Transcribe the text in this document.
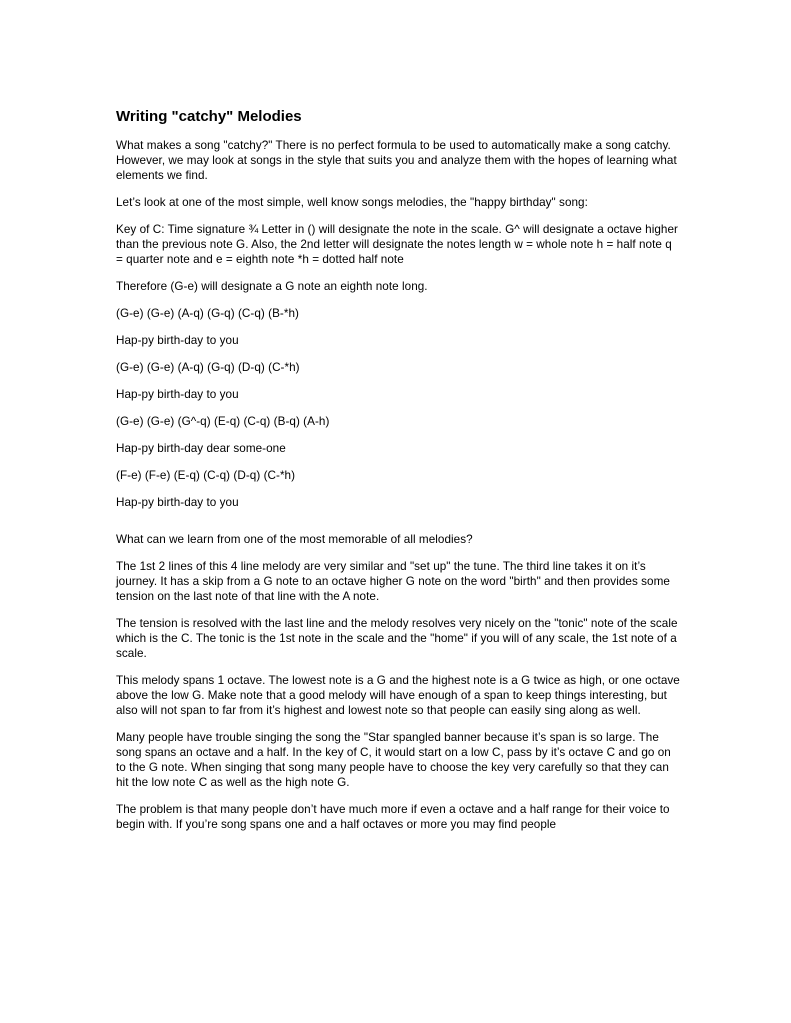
Writing "catchy" Melodies

What makes a song "catchy?" There is no perfect formula to be used to automatically make a song catchy. However, we may look at songs in the style that suits you and analyze them with the hopes of learning what elements we find.

Let’s look at one of the most simple, well know songs melodies, the "happy birthday" song:

Key of C: Time signature ¾ Letter in () will designate the note in the scale. G^ will designate a octave higher than the previous note G. Also, the 2nd letter will designate the notes length w = whole note h = half note q = quarter note and e = eighth note *h = dotted half note

Therefore (G-e) will designate a G note an eighth note long.

(G-e) (G-e) (A-q) (G-q) (C-q) (B-*h)

Hap-py birth-day to you

(G-e) (G-e) (A-q) (G-q) (D-q) (C-*h)

Hap-py birth-day to you

(G-e) (G-e) (G^-q) (E-q) (C-q) (B-q) (A-h)

Hap-py birth-day dear some-one

(F-e) (F-e) (E-q) (C-q) (D-q) (C-*h)

Hap-py birth-day to you

What can we learn from one of the most memorable of all melodies?

The 1st 2 lines of this 4 line melody are very similar and "set up" the tune. The third line takes it on it’s journey. It has a skip from a G note to an octave higher G note on the word "birth" and then provides some tension on the last note of that line with the A note.

The tension is resolved with the last line and the melody resolves very nicely on the "tonic" note of the scale which is the C. The tonic is the 1st note in the scale and the "home" if you will of any scale, the 1st note of a scale.

This melody spans 1 octave. The lowest note is a G and the highest note is a G twice as high, or one octave above the low G. Make note that a good melody will have enough of a span to keep things interesting, but also will not span to far from it’s highest and lowest note so that people can easily sing along as well.

Many people have trouble singing the song the "Star spangled banner because it’s span is so large. The song spans an octave and a half. In the key of C, it would start on a low C, pass by it’s octave C and go on to the G note. When singing that song many people have to choose the key very carefully so that they can hit the low note C as well as the high note G.

The problem is that many people don’t have much more if even a octave and a half range for their voice to begin with. If you’re song spans one and a half octaves or more you may find people
